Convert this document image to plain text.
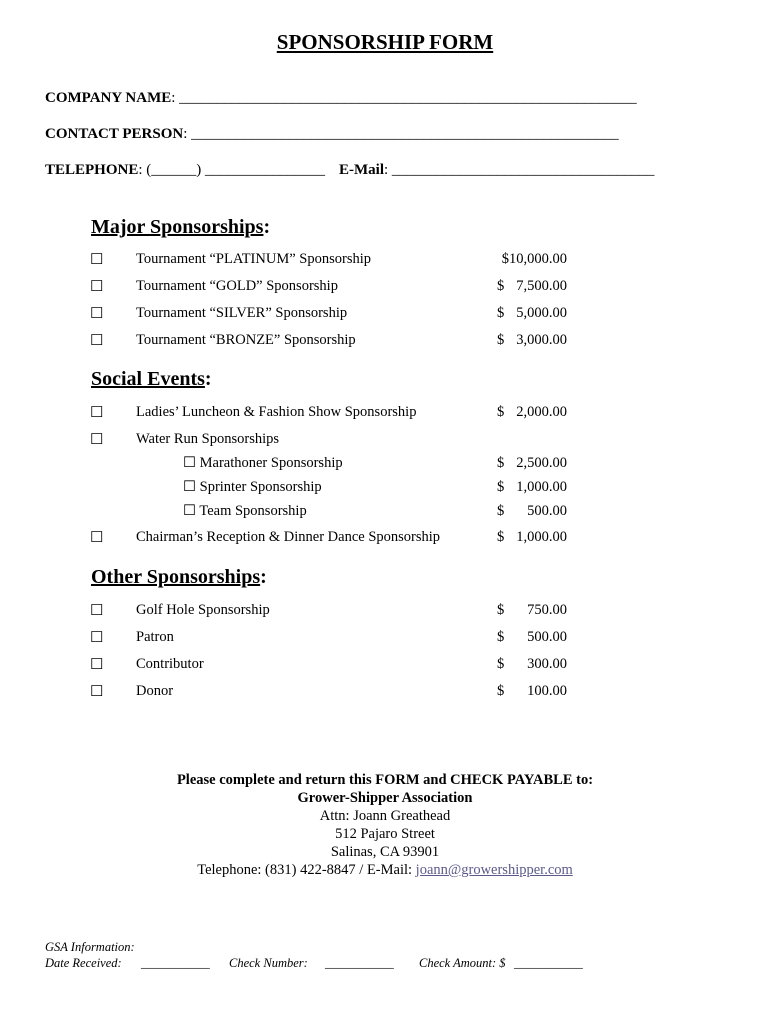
SPONSORSHIP FORM
COMPANY NAME: _____________________________________________________________
CONTACT PERSON: _________________________________________________________
TELEPHONE: (______) ________________ E-Mail: ___________________________________
Major Sponsorships:
☐ Tournament “PLATINUM” Sponsorship	$10,000.00
☐ Tournament “GOLD” Sponsorship	$ 7,500.00
☐ Tournament “SILVER” Sponsorship	$ 5,000.00
☐ Tournament “BRONZE” Sponsorship	$ 3,000.00
Social Events:
☐ Ladies’ Luncheon & Fashion Show Sponsorship	$ 2,000.00
☐ Water Run Sponsorships
☐ Marathoner Sponsorship	$ 2,500.00
☐ Sprinter Sponsorship	$ 1,000.00
☐ Team Sponsorship	$ 500.00
☐ Chairman’s Reception & Dinner Dance Sponsorship	$ 1,000.00
Other Sponsorships:
☐ Golf Hole Sponsorship	$ 750.00
☐ Patron	$ 500.00
☐ Contributor	$ 300.00
☐ Donor	$ 100.00
Please complete and return this FORM and CHECK PAYABLE to:
Grower-Shipper Association
Attn: Joann Greathead
512 Pajaro Street
Salinas, CA 93901
Telephone: (831) 422-8847 / E-Mail: joann@growershipper.com
GSA Information:
Date Received: ___________ Check Number: ___________ Check Amount: $ ___________
